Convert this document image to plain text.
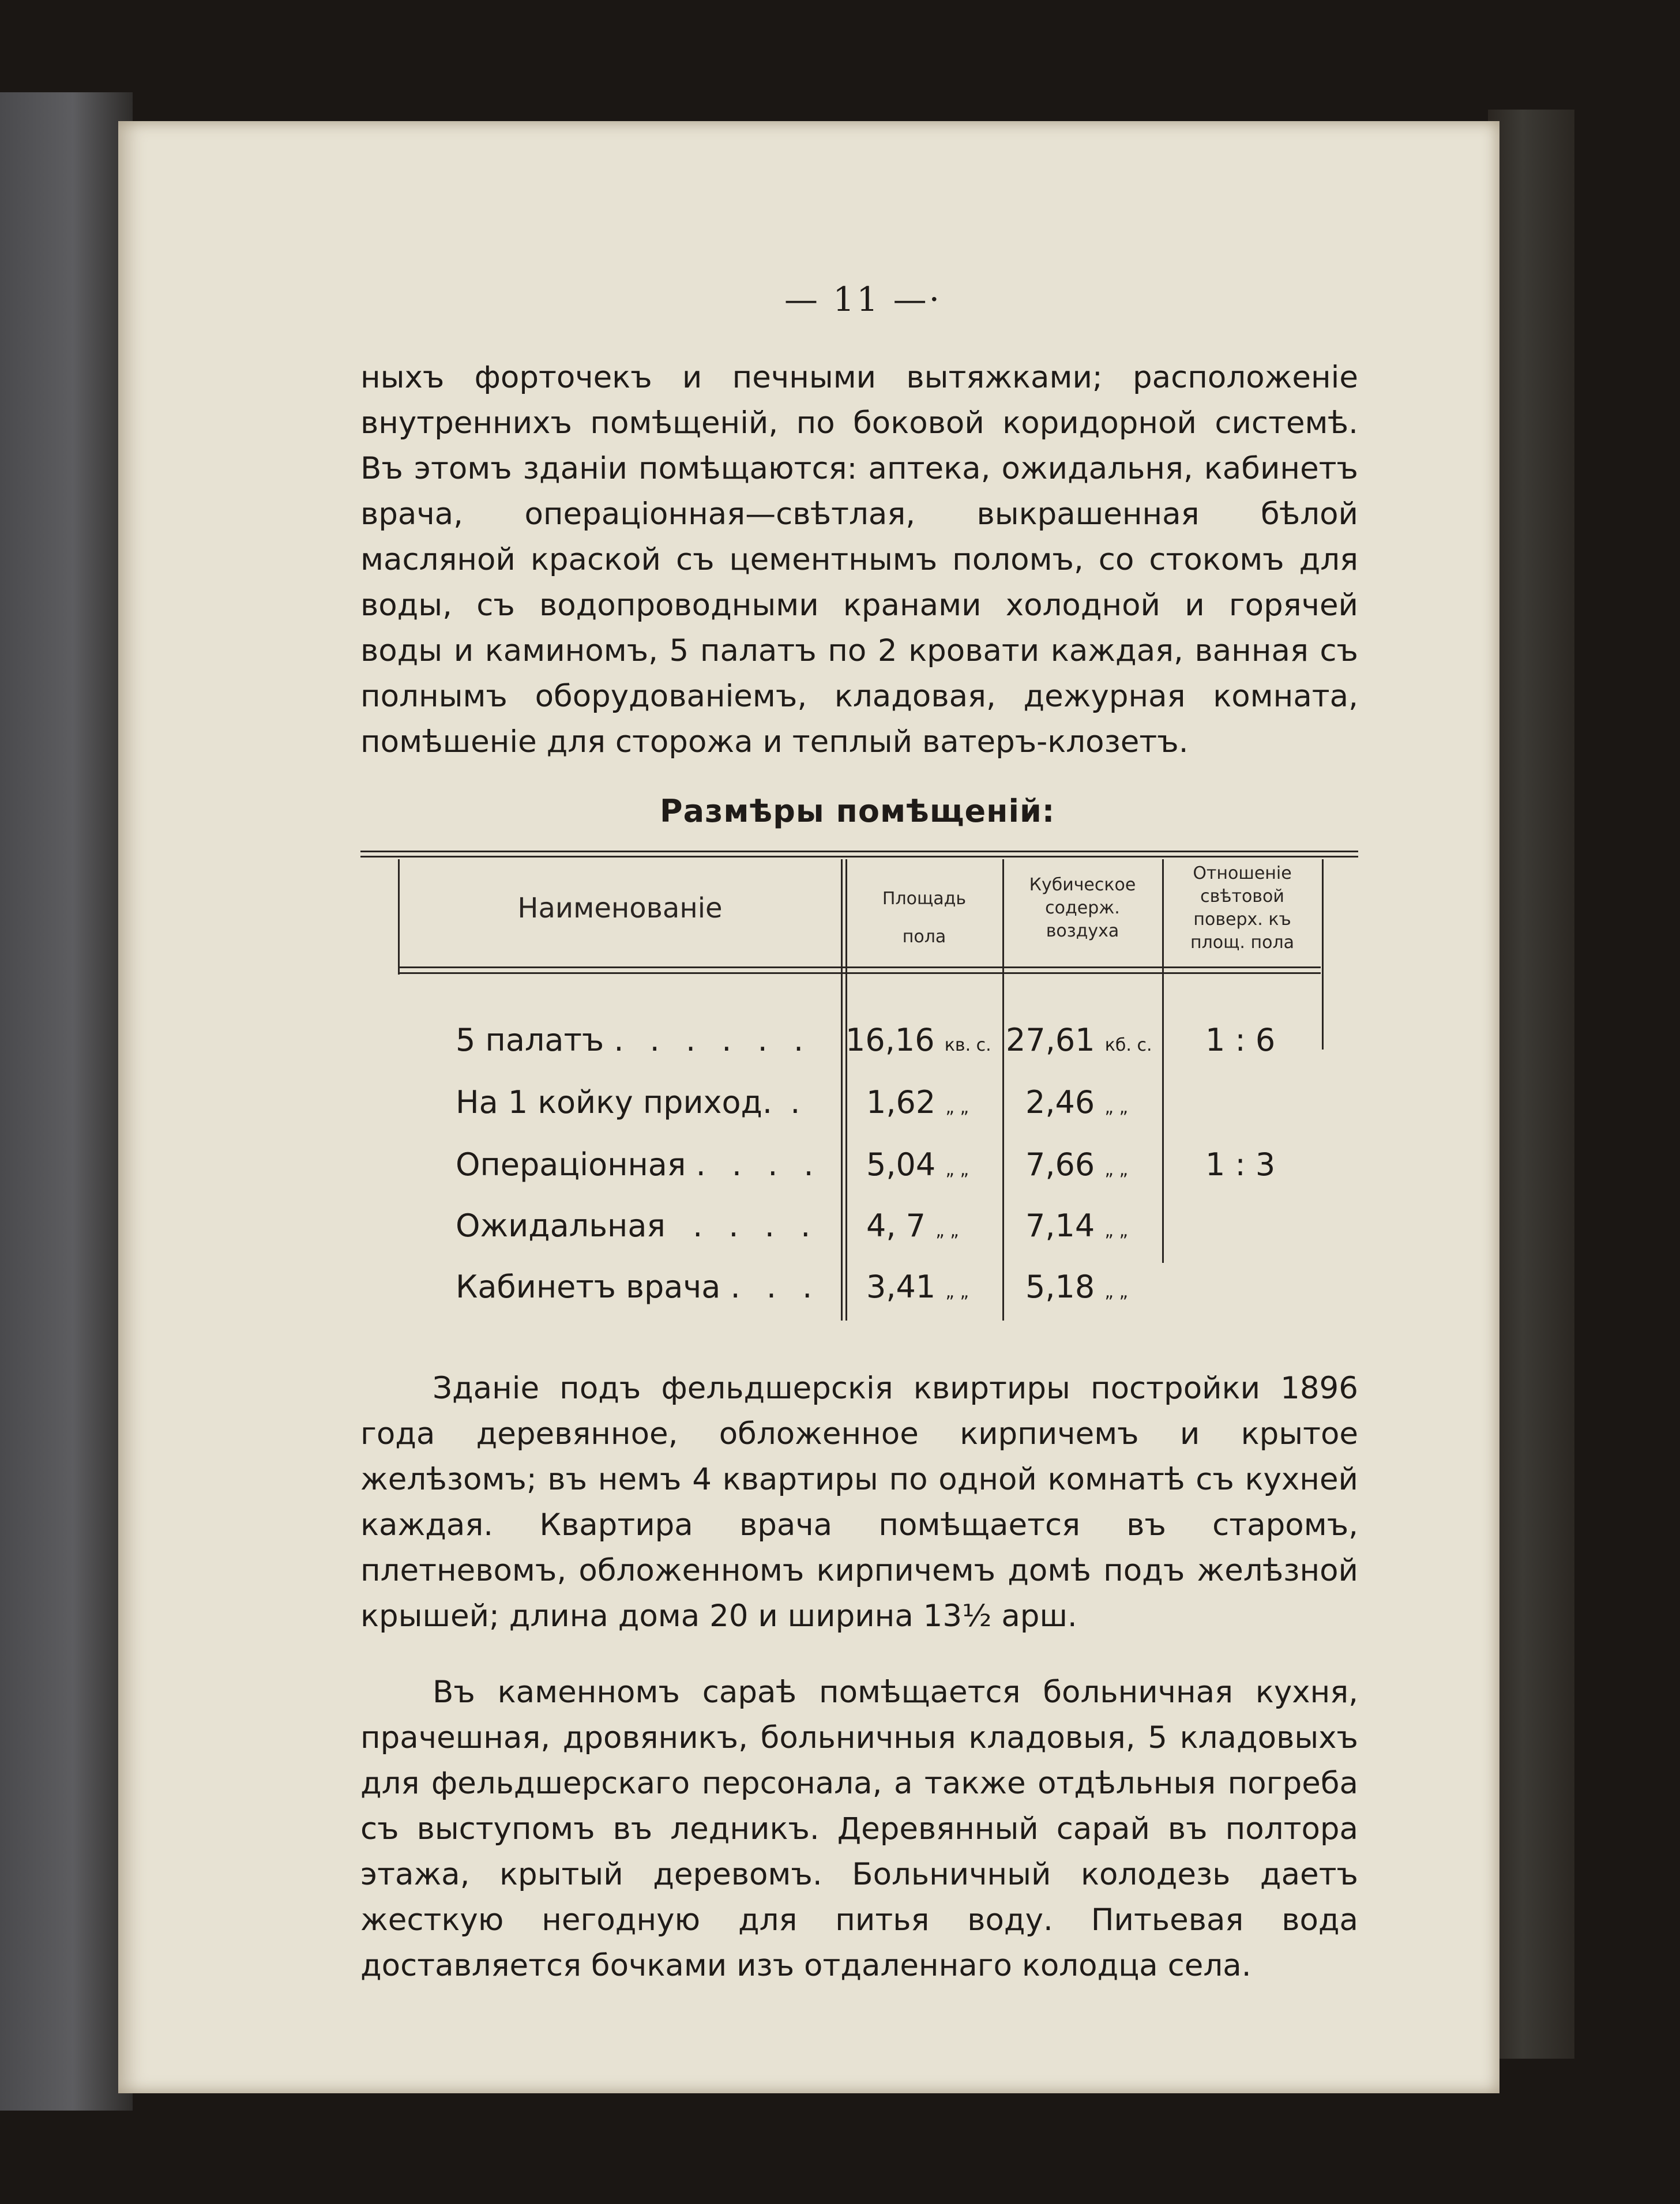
— 11 —·

ныхъ форточекъ и печными вытяжками; расположеніе внутреннихъ помѣщеній, по боковой коридорной системѣ. Въ этомъ зданіи помѣщаются: аптека, ожидальня, кабинетъ врача, операціонная—свѣтлая, выкрашенная бѣлой масляной краской съ цементнымъ поломъ, со стокомъ для воды, съ водопроводными кранами холодной и горячей воды и каминомъ, 5 палатъ по 2 кровати каждая, ванная съ полнымъ оборудованіемъ, кладовая, дежурная комната, помѣшеніе для сторожа и теплый ватеръ-клозетъ.

Размѣры помѣщеній:
Наименованіе	Площадь
пола
Кубическое
содерж.
воздуха
Отношеніе
свѣтовой
поверх. къ
площ. пола
5 палатъ . . . . . . 16,16 кв. с. 27,61 кб. с. 1 : 6
На 1 койку приход. . 1,62 „ „ 2,46 „ „
Операціонная . . . . 5,04 „ „ 7,66 „ „ 1 : 3
Ожидальная . . . . 4, 7 „ „ 7,14 „ „
Кабинетъ врача . . . 3,41 „ „ 5,18 „ „

Зданіе подъ фельдшерскія квиртиры постройки 1896 года деревянное, обложенное кирпичемъ и крытое желѣзомъ; въ немъ 4 квартиры по одной комнатѣ съ кухней каждая. Квартира врача помѣщается въ старомъ, плетневомъ, обложенномъ кирпичемъ домѣ подъ желѣзной крышей; длина дома 20 и ширина 13½ арш.

Въ каменномъ сараѣ помѣщается больничная кухня, прачешная, дровяникъ, больничныя кладовыя, 5 кладовыхъ для фельдшерскаго персонала, а также отдѣльныя погреба съ выступомъ въ ледникъ. Деревянный сарай въ полтора этажа, крытый деревомъ. Больничный колодезь даетъ жесткую негодную для питья воду. Питьевая вода доставляется бочками изъ отдаленнаго колодца села.
